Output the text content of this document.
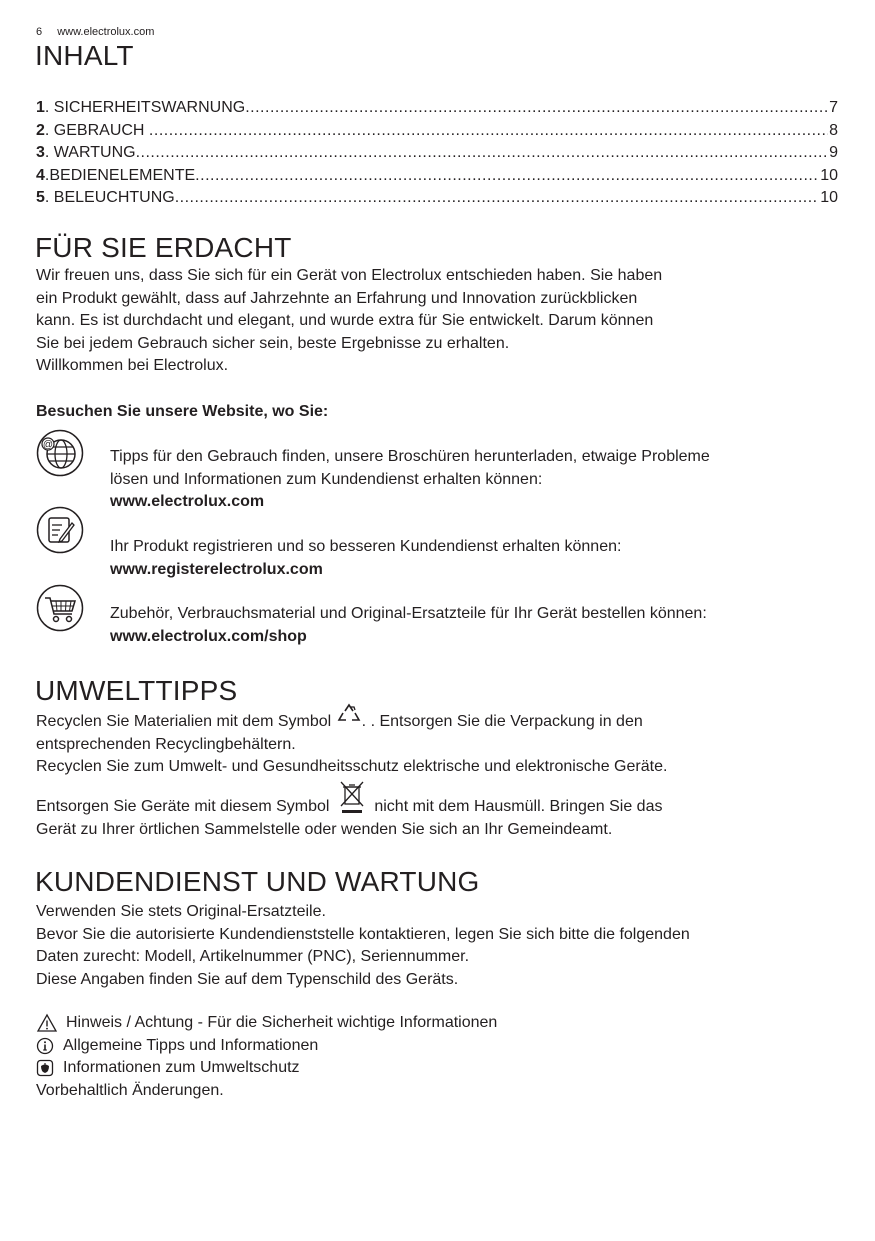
6 www.electrolux.com
INHALT
1 . SICHERHEITSWARNUNG .....	7
2 . GEBRAUCH .....	8
3 . WARTUNG .....	9
4 .BEDIENELEMENTE .....	10
5 . BELEUCHTUNG .....	10
FÜR SIE ERDACHT
Wir freuen uns, dass Sie sich für ein Gerät von Electrolux entschieden haben. Sie haben
ein Produkt gewählt, dass auf Jahrzehnte an Erfahrung und Innovation zurückblicken
kann. Es ist durchdacht und elegant, und wurde extra für Sie entwickelt. Darum können
Sie bei jedem Gebrauch sicher sein, beste Ergebnisse zu erhalten.
Willkommen bei Electrolux.
Besuchen Sie unsere Website, wo Sie:
@
Tipps für den Gebrauch finden, unsere Broschüren herunterladen, etwaige Probleme
lösen und Informationen zum Kundendienst erhalten können:
www.electrolux.com
Ihr Produkt registrieren und so besseren Kundendienst erhalten können:
www.registerelectrolux.com
Zubehör, Verbrauchsmaterial und Original-Ersatzteile für Ihr Gerät bestellen können:
www.electrolux.com/shop
UMWELTTIPPS
Recyclen Sie Materialien mit dem Symbol . . Entsorgen Sie die Verpackung in den
entsprechenden Recyclingbehältern.
Recyclen Sie zum Umwelt- und Gesundheitsschutz elektrische und elektronische Geräte.
Entsorgen Sie Geräte mit diesem Symbol  nicht mit dem Hausmüll. Bringen Sie das
Gerät zu Ihrer örtlichen Sammelstelle oder wenden Sie sich an Ihr Gemeindeamt.
KUNDENDIENST UND WARTUNG
Verwenden Sie stets Original-Ersatzteile.
Bevor Sie die autorisierte Kundendienststelle kontaktieren, legen Sie sich bitte die folgenden
Daten zurecht: Modell, Artikelnummer (PNC), Seriennummer.
Diese Angaben finden Sie auf dem Typenschild des Geräts.
Hinweis / Achtung - Für die Sicherheit wichtige Informationen
Allgemeine Tipps und Informationen
Informationen zum Umweltschutz
Vorbehaltlich Änderungen.
